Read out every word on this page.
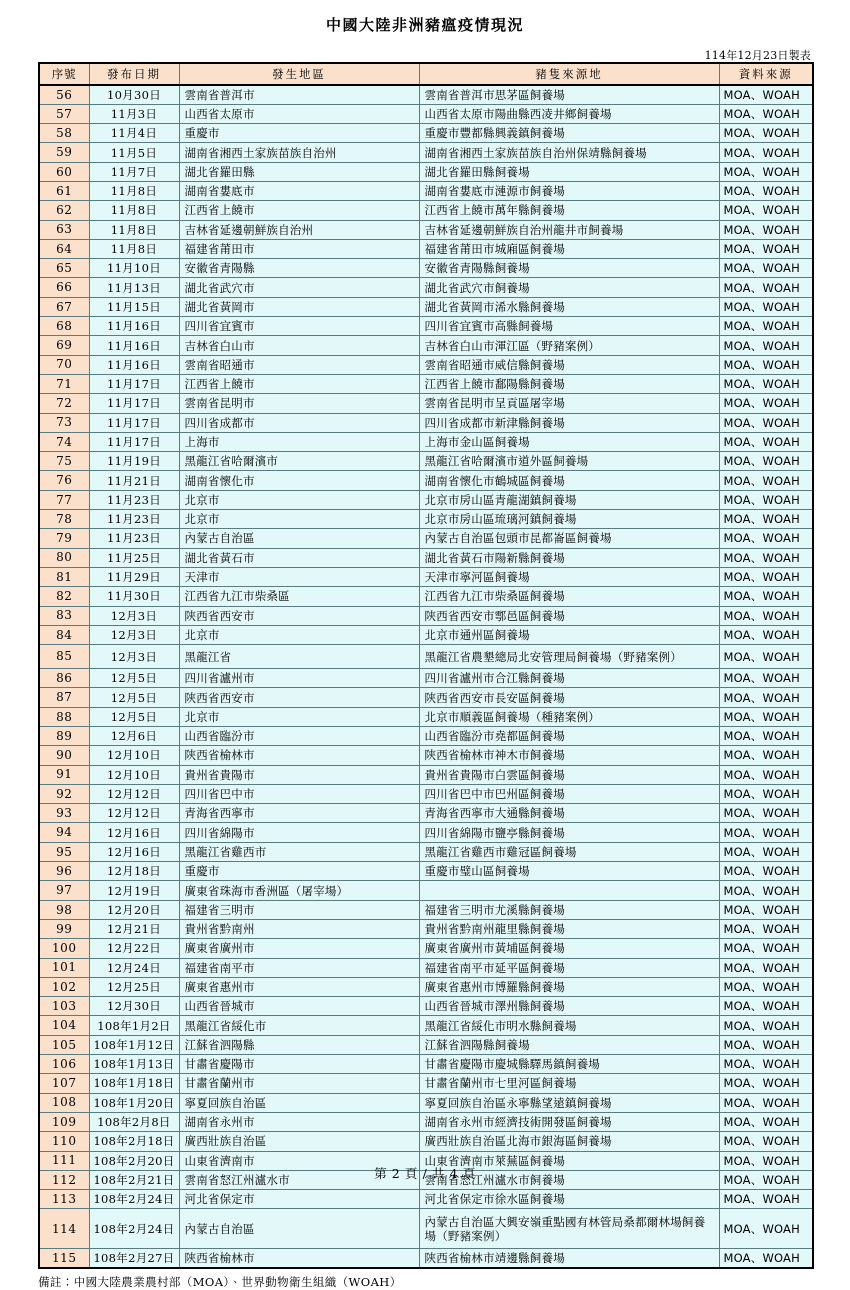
中國大陸非洲豬瘟疫情現況
114年12月23日製表
序號	發布日期	發生地區	豬隻來源地	資料來源
56	10月30日	雲南省普洱市	雲南省普洱市思茅區飼養場	MOA、WOAH
57	11月3日	山西省太原市	山西省太原市陽曲縣西凌井鄉飼養場	MOA、WOAH
58	11月4日	重慶市	重慶市豐都縣興義鎮飼養場	MOA、WOAH
59	11月5日	湖南省湘西土家族苗族自治州	湖南省湘西土家族苗族自治州保靖縣飼養場	MOA、WOAH
60	11月7日	湖北省羅田縣	湖北省羅田縣飼養場	MOA、WOAH
61	11月8日	湖南省婁底市	湖南省婁底市漣源市飼養場	MOA、WOAH
62	11月8日	江西省上饒市	江西省上饒市萬年縣飼養場	MOA、WOAH
63	11月8日	吉林省延邊朝鮮族自治州	吉林省延邊朝鮮族自治州龍井市飼養場	MOA、WOAH
64	11月8日	福建省莆田市	福建省莆田市城廂區飼養場	MOA、WOAH
65	11月10日	安徽省青陽縣	安徽省青陽縣飼養場	MOA、WOAH
66	11月13日	湖北省武穴市	湖北省武穴市飼養場	MOA、WOAH
67	11月15日	湖北省黃岡市	湖北省黃岡市浠水縣飼養場	MOA、WOAH
68	11月16日	四川省宜賓市	四川省宜賓市高縣飼養場	MOA、WOAH
69	11月16日	吉林省白山市	吉林省白山市渾江區（野豬案例）	MOA、WOAH
70	11月16日	雲南省昭通市	雲南省昭通市威信縣飼養場	MOA、WOAH
71	11月17日	江西省上饒市	江西省上饒市鄱陽縣飼養場	MOA、WOAH
72	11月17日	雲南省昆明市	雲南省昆明市呈貢區屠宰場	MOA、WOAH
73	11月17日	四川省成都市	四川省成都市新津縣飼養場	MOA、WOAH
74	11月17日	上海市	上海市金山區飼養場	MOA、WOAH
75	11月19日	黑龍江省哈爾濱市	黑龍江省哈爾濱市道外區飼養場	MOA、WOAH
76	11月21日	湖南省懷化市	湖南省懷化市鶴城區飼養場	MOA、WOAH
77	11月23日	北京市	北京市房山區青龍湖鎮飼養場	MOA、WOAH
78	11月23日	北京市	北京市房山區琉璃河鎮飼養場	MOA、WOAH
79	11月23日	內蒙古自治區	內蒙古自治區包頭市昆都崙區飼養場	MOA、WOAH
80	11月25日	湖北省黃石市	湖北省黃石市陽新縣飼養場	MOA、WOAH
81	11月29日	天津市	天津市寧河區飼養場	MOA、WOAH
82	11月30日	江西省九江市柴桑區	江西省九江市柴桑區飼養場	MOA、WOAH
83	12月3日	陝西省西安市	陝西省西安市鄠邑區飼養場	MOA、WOAH
84	12月3日	北京市	北京市通州區飼養場	MOA、WOAH
85	12月3日	黑龍江省	黑龍江省農墾總局北安管理局飼養場（野豬案例）	MOA、WOAH
86	12月5日	四川省瀘州市	四川省瀘州市合江縣飼養場	MOA、WOAH
87	12月5日	陝西省西安市	陝西省西安市長安區飼養場	MOA、WOAH
88	12月5日	北京市	北京市順義區飼養場（種豬案例）	MOA、WOAH
89	12月6日	山西省臨汾市	山西省臨汾市堯都區飼養場	MOA、WOAH
90	12月10日	陝西省榆林市	陝西省榆林市神木市飼養場	MOA、WOAH
91	12月10日	貴州省貴陽市	貴州省貴陽市白雲區飼養場	MOA、WOAH
92	12月12日	四川省巴中市	四川省巴中市巴州區飼養場	MOA、WOAH
93	12月12日	青海省西寧市	青海省西寧市大通縣飼養場	MOA、WOAH
94	12月16日	四川省綿陽市	四川省綿陽市鹽亭縣飼養場	MOA、WOAH
95	12月16日	黑龍江省雞西市	黑龍江省雞西市雞冠區飼養場	MOA、WOAH
96	12月18日	重慶市	重慶市璧山區飼養場	MOA、WOAH
97	12月19日	廣東省珠海市香洲區（屠宰場）		MOA、WOAH
98	12月20日	福建省三明市	福建省三明市尤溪縣飼養場	MOA、WOAH
99	12月21日	貴州省黔南州	貴州省黔南州龍里縣飼養場	MOA、WOAH
100	12月22日	廣東省廣州市	廣東省廣州市黃埔區飼養場	MOA、WOAH
101	12月24日	福建省南平市	福建省南平市延平區飼養場	MOA、WOAH
102	12月25日	廣東省惠州市	廣東省惠州市博羅縣飼養場	MOA、WOAH
103	12月30日	山西省晉城市	山西省晉城市澤州縣飼養場	MOA、WOAH
104	108年1月2日	黑龍江省綏化市	黑龍江省綏化市明水縣飼養場	MOA、WOAH
105	108年1月12日	江蘇省泗陽縣	江蘇省泗陽縣飼養場	MOA、WOAH
106	108年1月13日	甘肅省慶陽市	甘肅省慶陽市慶城縣驛馬鎮飼養場	MOA、WOAH
107	108年1月18日	甘肅省蘭州市	甘肅省蘭州市七里河區飼養場	MOA、WOAH
108	108年1月20日	寧夏回族自治區	寧夏回族自治區永寧縣望遠鎮飼養場	MOA、WOAH
109	108年2月8日	湖南省永州市	湖南省永州市經濟技術開發區飼養場	MOA、WOAH
110	108年2月18日	廣西壯族自治區	廣西壯族自治區北海市銀海區飼養場	MOA、WOAH
111	108年2月20日	山東省濟南市	山東省濟南市萊蕪區飼養場	MOA、WOAH
112	108年2月21日	雲南省怒江州瀘水市	雲南省怒江州瀘水市飼養場	MOA、WOAH
113	108年2月24日	河北省保定市	河北省保定市徐水區飼養場	MOA、WOAH
114	108年2月24日	內蒙古自治區	內蒙古自治區大興安嶺重點國有林管局桑都爾林場飼養場（野豬案例）	MOA、WOAH
115	108年2月27日	陝西省榆林市	陝西省榆林市靖邊縣飼養場	MOA、WOAH
備註：中國大陸農業農村部（MOA）、世界動物衛生組織（WOAH）
第 2 頁 / 共 4 頁
